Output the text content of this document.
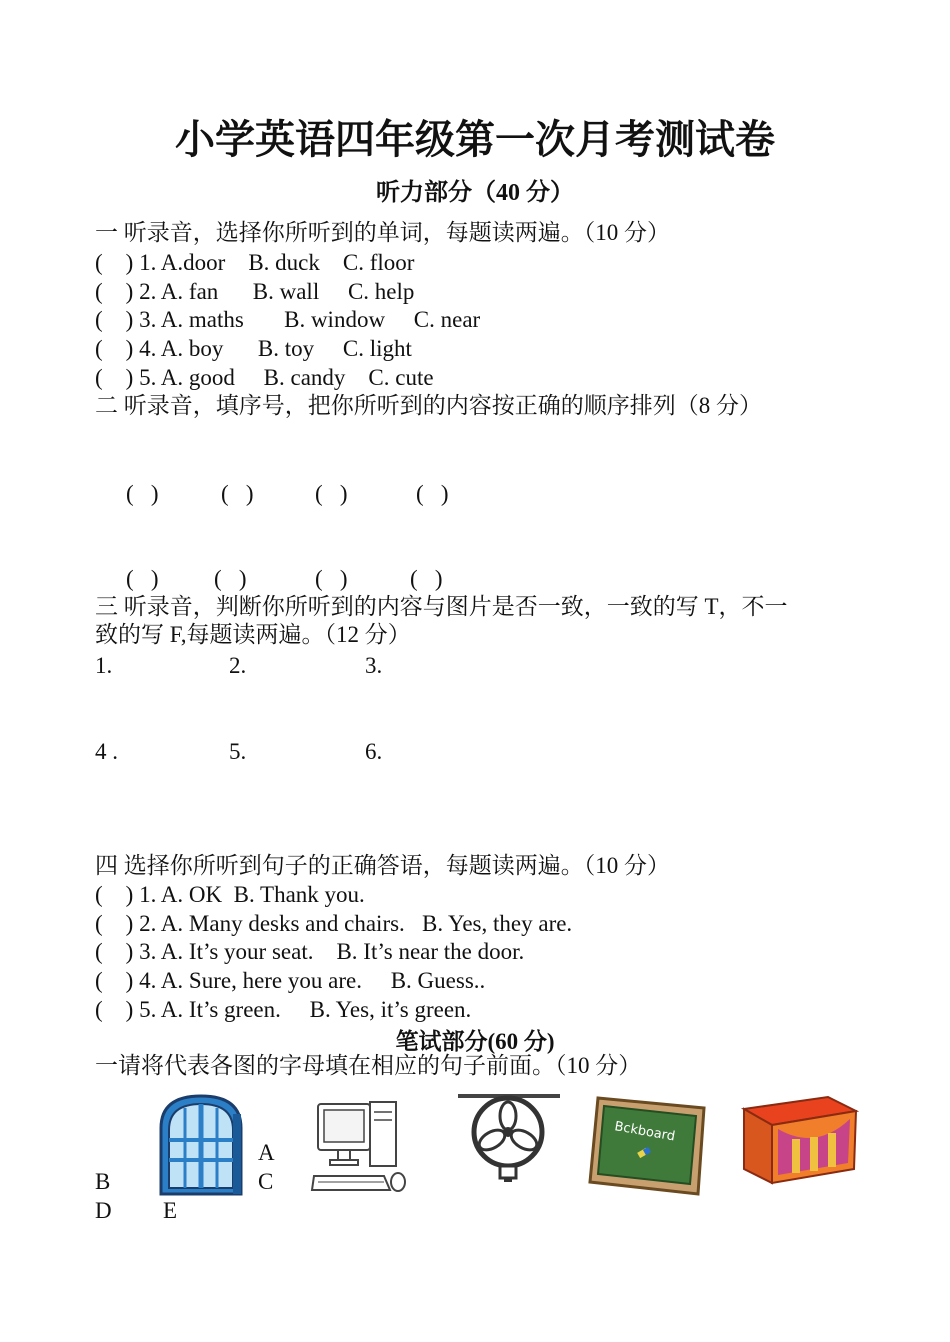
小学英语四年级第一次月考测试卷
听力部分（40 分）
一 听录音，选择你所听到的单词，每题读两遍。（10 分）
(    ) 1. A.door    B. duck    C. floor
(    ) 2. A. fan      B. wall     C. help
(    ) 3. A. maths       B. window     C. near
(    ) 4. A. boy      B. toy     C. light
(    ) 5. A. good     B. candy    C. cute
二 听录音，填序号，把你所听到的内容按正确的顺序排列（8 分）
(   )	(   )	(   )	(   )
(   ) (   )	(   )	(   )
三 听录音，判断你所听到的内容与图片是否一致，一致的写 T，不一
致的写 F,每题读两遍。（12 分）
1.	2.	3.
4 .	5.	6.
四 选择你所听到句子的正确答语，每题读两遍。（10 分）
(    ) 1. A. OK  B. Thank you.
(    ) 2. A. Many desks and chairs.   B. Yes, they are.
(    ) 3. A. It’s your seat.    B. It’s near the door.
(    ) 4. A. Sure, here you are.     B. Guess..
(    ) 5. A. It’s green.     B. Yes, it’s green.
笔试部分(60 分)
一请将代表各图的字母填在相应的句子前面。（10 分）
Bckboard
A
B	C
D E
